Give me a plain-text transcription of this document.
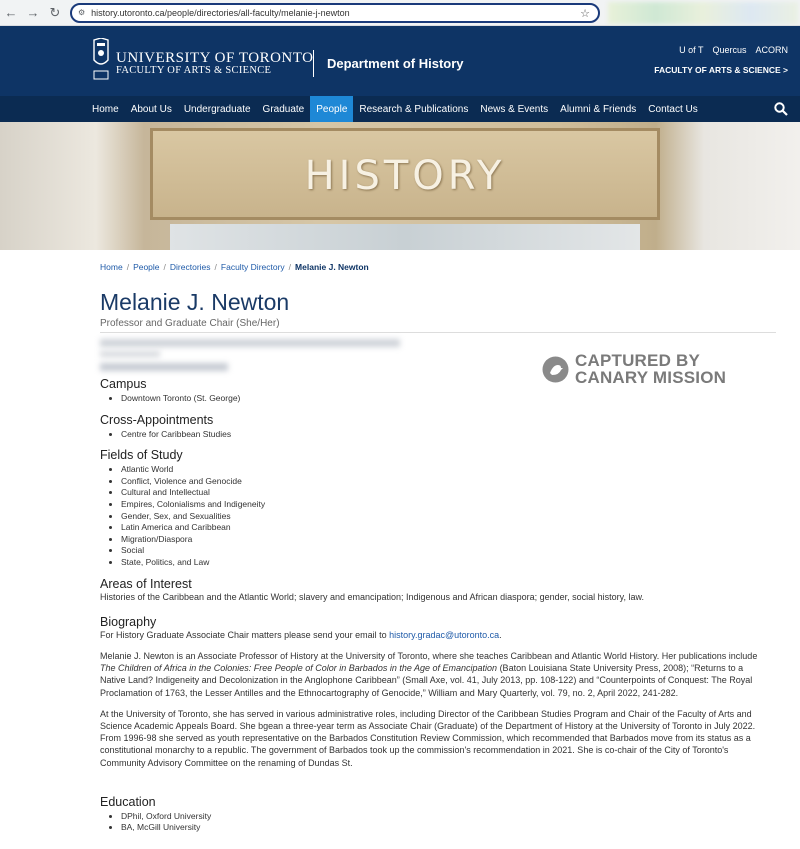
← → ↻	⚙ history.utoronto.ca/people/directories/all-faculty/melanie-j-newton	☆
UNIVERSITY OF TORONTO
FACULTY OF ARTS & SCIENCE	Department of History
U of T Quercus ACORN
FACULTY OF ARTS & SCIENCE >
Home	About Us	Undergraduate	Graduate	People	Research & Publications	News & Events	Alumni & Friends	Contact Us
HISTORY
CAPTURED BY
CANARY MISSION
Home / People / Directories / Faculty Directory / Melanie J. Newton
Melanie J. Newton
Professor and Graduate Chair (She/Her)
Campus
• Downtown Toronto (St. George)
Cross-Appointments
• Centre for Caribbean Studies
Fields of Study
• Atlantic World
• Conflict, Violence and Genocide
• Cultural and Intellectual
• Empires, Colonialisms and Indigeneity
• Gender, Sex, and Sexualities
• Latin America and Caribbean
• Migration/Diaspora
• Social
• State, Politics, and Law
Areas of Interest
Histories of the Caribbean and the Atlantic World; slavery and emancipation; Indigenous and African diaspora; gender, social history, law.
Biography
For History Graduate Associate Chair matters please send your email to history.gradac@utoronto.ca.
Melanie J. Newton is an Associate Professor of History at the University of Toronto, where she teaches Caribbean and Atlantic World History. Her publications include The Children of Africa in the Colonies: Free People of Color in Barbados in the Age of Emancipation (Baton Louisiana State University Press, 2008); “Returns to a Native Land? Indigeneity and Decolonization in the Anglophone Caribbean” (Small Axe, vol. 41, July 2013, pp. 108-122) and “Counterpoints of Conquest: The Royal Proclamation of 1763, the Lesser Antilles and the Ethnocartography of Genocide,” William and Mary Quarterly, vol. 79, no. 2, April 2022, 241-282.
At the University of Toronto, she has served in various administrative roles, including Director of the Caribbean Studies Program and Chair of the Faculty of Arts and Science Academic Appeals Board. She bgean a three-year term as Associate Chair (Graduate) of the Department of History at the University of Toronto in July 2022. From 1996-98 she served as youth representative on the Barbados Constitution Review Commission, which recommended that Barbados move from its status as a constitutional monarchy to a republic. The government of Barbados took up the commission's recommendation in 2021. She is co-chair of the City of Toronto's Community Advisory Committee on the renaming of Dundas St.
Education
• DPhil, Oxford University
• BA, McGill University
